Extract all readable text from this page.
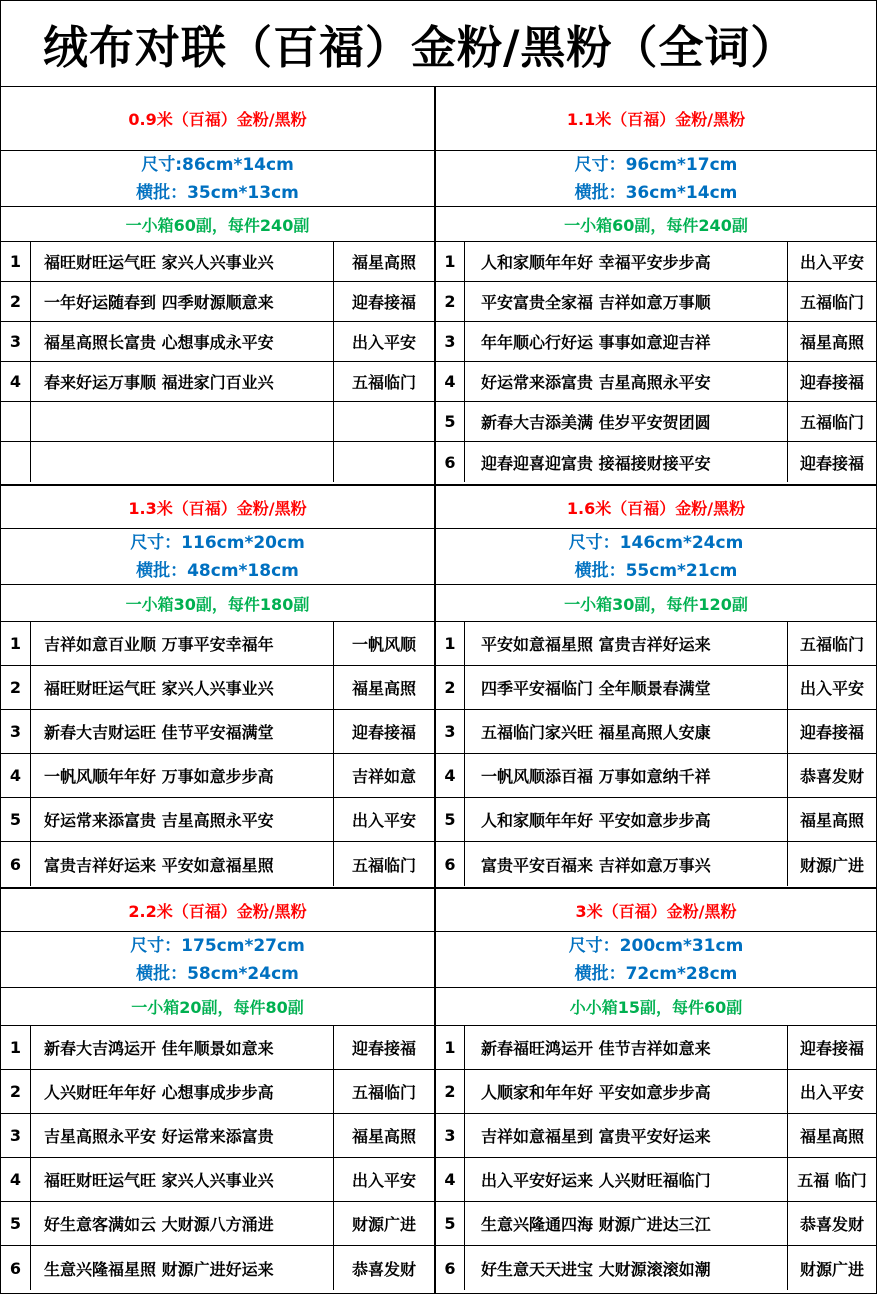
绒布对联（百福）金粉/黑粉（全词）
0.9米（百福）金粉/黑粉
尺寸:86cm*14cm
横批：35cm*13cm
一小箱60副，每件240副
1	福旺财旺运气旺 家兴人兴事业兴	福星高照
2	一年好运随春到 四季财源顺意来	迎春接福
3	福星高照长富贵 心想事成永平安	出入平安
4	春来好运万事顺 福进家门百业兴	五福临门
1.1米（百福）金粉/黑粉
尺寸：96cm*17cm
横批：36cm*14cm
一小箱60副，每件240副
1	人和家顺年年好 幸福平安步步高	出入平安
2	平安富贵全家福 吉祥如意万事顺	五福临门
3	年年顺心行好运 事事如意迎吉祥	福星高照
4	好运常来添富贵 吉星高照永平安	迎春接福
5	新春大吉添美满 佳岁平安贺团圆	五福临门
6	迎春迎喜迎富贵 接福接财接平安	迎春接福
1.3米（百福）金粉/黑粉
尺寸：116cm*20cm
横批：48cm*18cm
一小箱30副，每件180副
1	吉祥如意百业顺 万事平安幸福年	一帆风顺
2	福旺财旺运气旺 家兴人兴事业兴	福星高照
3	新春大吉财运旺 佳节平安福满堂	迎春接福
4	一帆风顺年年好 万事如意步步高	吉祥如意
5	好运常来添富贵 吉星高照永平安	出入平安
6	富贵吉祥好运来 平安如意福星照	五福临门
1.6米（百福）金粉/黑粉
尺寸：146cm*24cm
横批：55cm*21cm
一小箱30副，每件120副
1	平安如意福星照 富贵吉祥好运来	五福临门
2	四季平安福临门 全年顺景春满堂	出入平安
3	五福临门家兴旺 福星高照人安康	迎春接福
4	一帆风顺添百福 万事如意纳千祥	恭喜发财
5	人和家顺年年好 平安如意步步高	福星高照
6	富贵平安百福来 吉祥如意万事兴	财源广进
2.2米（百福）金粉/黑粉
尺寸：175cm*27cm
横批：58cm*24cm
一小箱20副，每件80副
1	新春大吉鸿运开 佳年顺景如意来	迎春接福
2	人兴财旺年年好 心想事成步步高	五福临门
3	吉星高照永平安 好运常来添富贵	福星高照
4	福旺财旺运气旺 家兴人兴事业兴	出入平安
5	好生意客满如云 大财源八方涌进	财源广进
6	生意兴隆福星照 财源广进好运来	恭喜发财
3米（百福）金粉/黑粉
尺寸：200cm*31cm
横批：72cm*28cm
小小箱15副，每件60副
1	新春福旺鸿运开 佳节吉祥如意来	迎春接福
2	人顺家和年年好 平安如意步步高	出入平安
3	吉祥如意福星到 富贵平安好运来	福星高照
4	出入平安好运来 人兴财旺福临门	五福 临门
5	生意兴隆通四海 财源广进达三江	恭喜发财
6	好生意天天进宝 大财源滚滚如潮	财源广进
